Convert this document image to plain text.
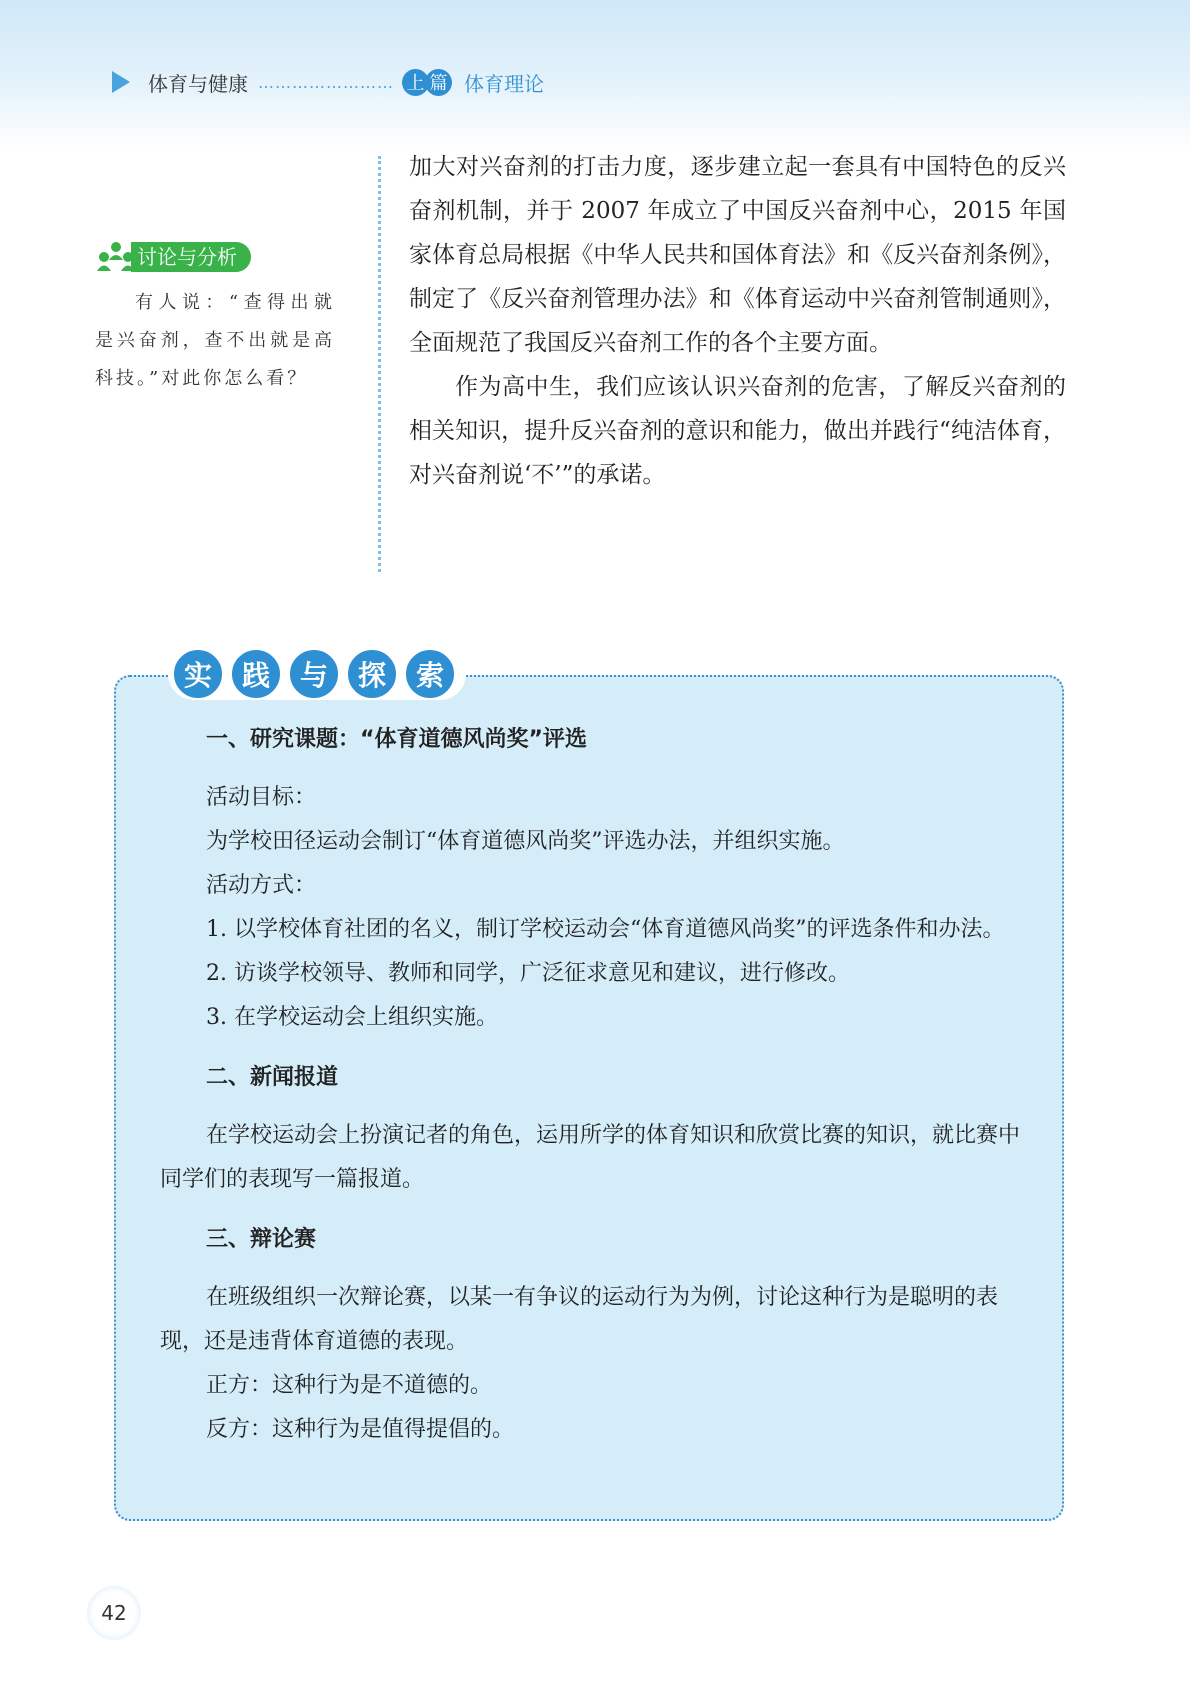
体育与健康 …………………… 上 篇 体育理论
讨论与分析
有人说：“查得出就是兴奋剂，查不出就是高科技。”对此你怎么看？

加大对兴奋剂的打击力度，逐步建立起一套具有中国特色的反兴奋剂机制，并于 2007 年成立了中国反兴奋剂中心，2015 年国家体育总局根据《中华人民共和国体育法》和《反兴奋剂条例》，制定了《反兴奋剂管理办法》和《体育运动中兴奋剂管制通则》，全面规范了我国反兴奋剂工作的各个主要方面。

作为高中生，我们应该认识兴奋剂的危害，了解反兴奋剂的相关知识，提升反兴奋剂的意识和能力，做出并践行“纯洁体育，对兴奋剂说‘不’”的承诺。

实	践	与	探	索
一、研究课题：“体育道德风尚奖”评选

活动目标：

为学校田径运动会制订“体育道德风尚奖”评选办法，并组织实施。

活动方式：

1. 以学校体育社团的名义，制订学校运动会“体育道德风尚奖”的评选条件和办法。

2. 访谈学校领导、教师和同学，广泛征求意见和建议，进行修改。

3. 在学校运动会上组织实施。

二、新闻报道

在学校运动会上扮演记者的角色，运用所学的体育知识和欣赏比赛的知识，就比赛中同学们的表现写一篇报道。

三、辩论赛

在班级组织一次辩论赛，以某一有争议的运动行为为例，讨论这种行为是聪明的表现，还是违背体育道德的表现。

正方：这种行为是不道德的。

反方：这种行为是值得提倡的。

42
